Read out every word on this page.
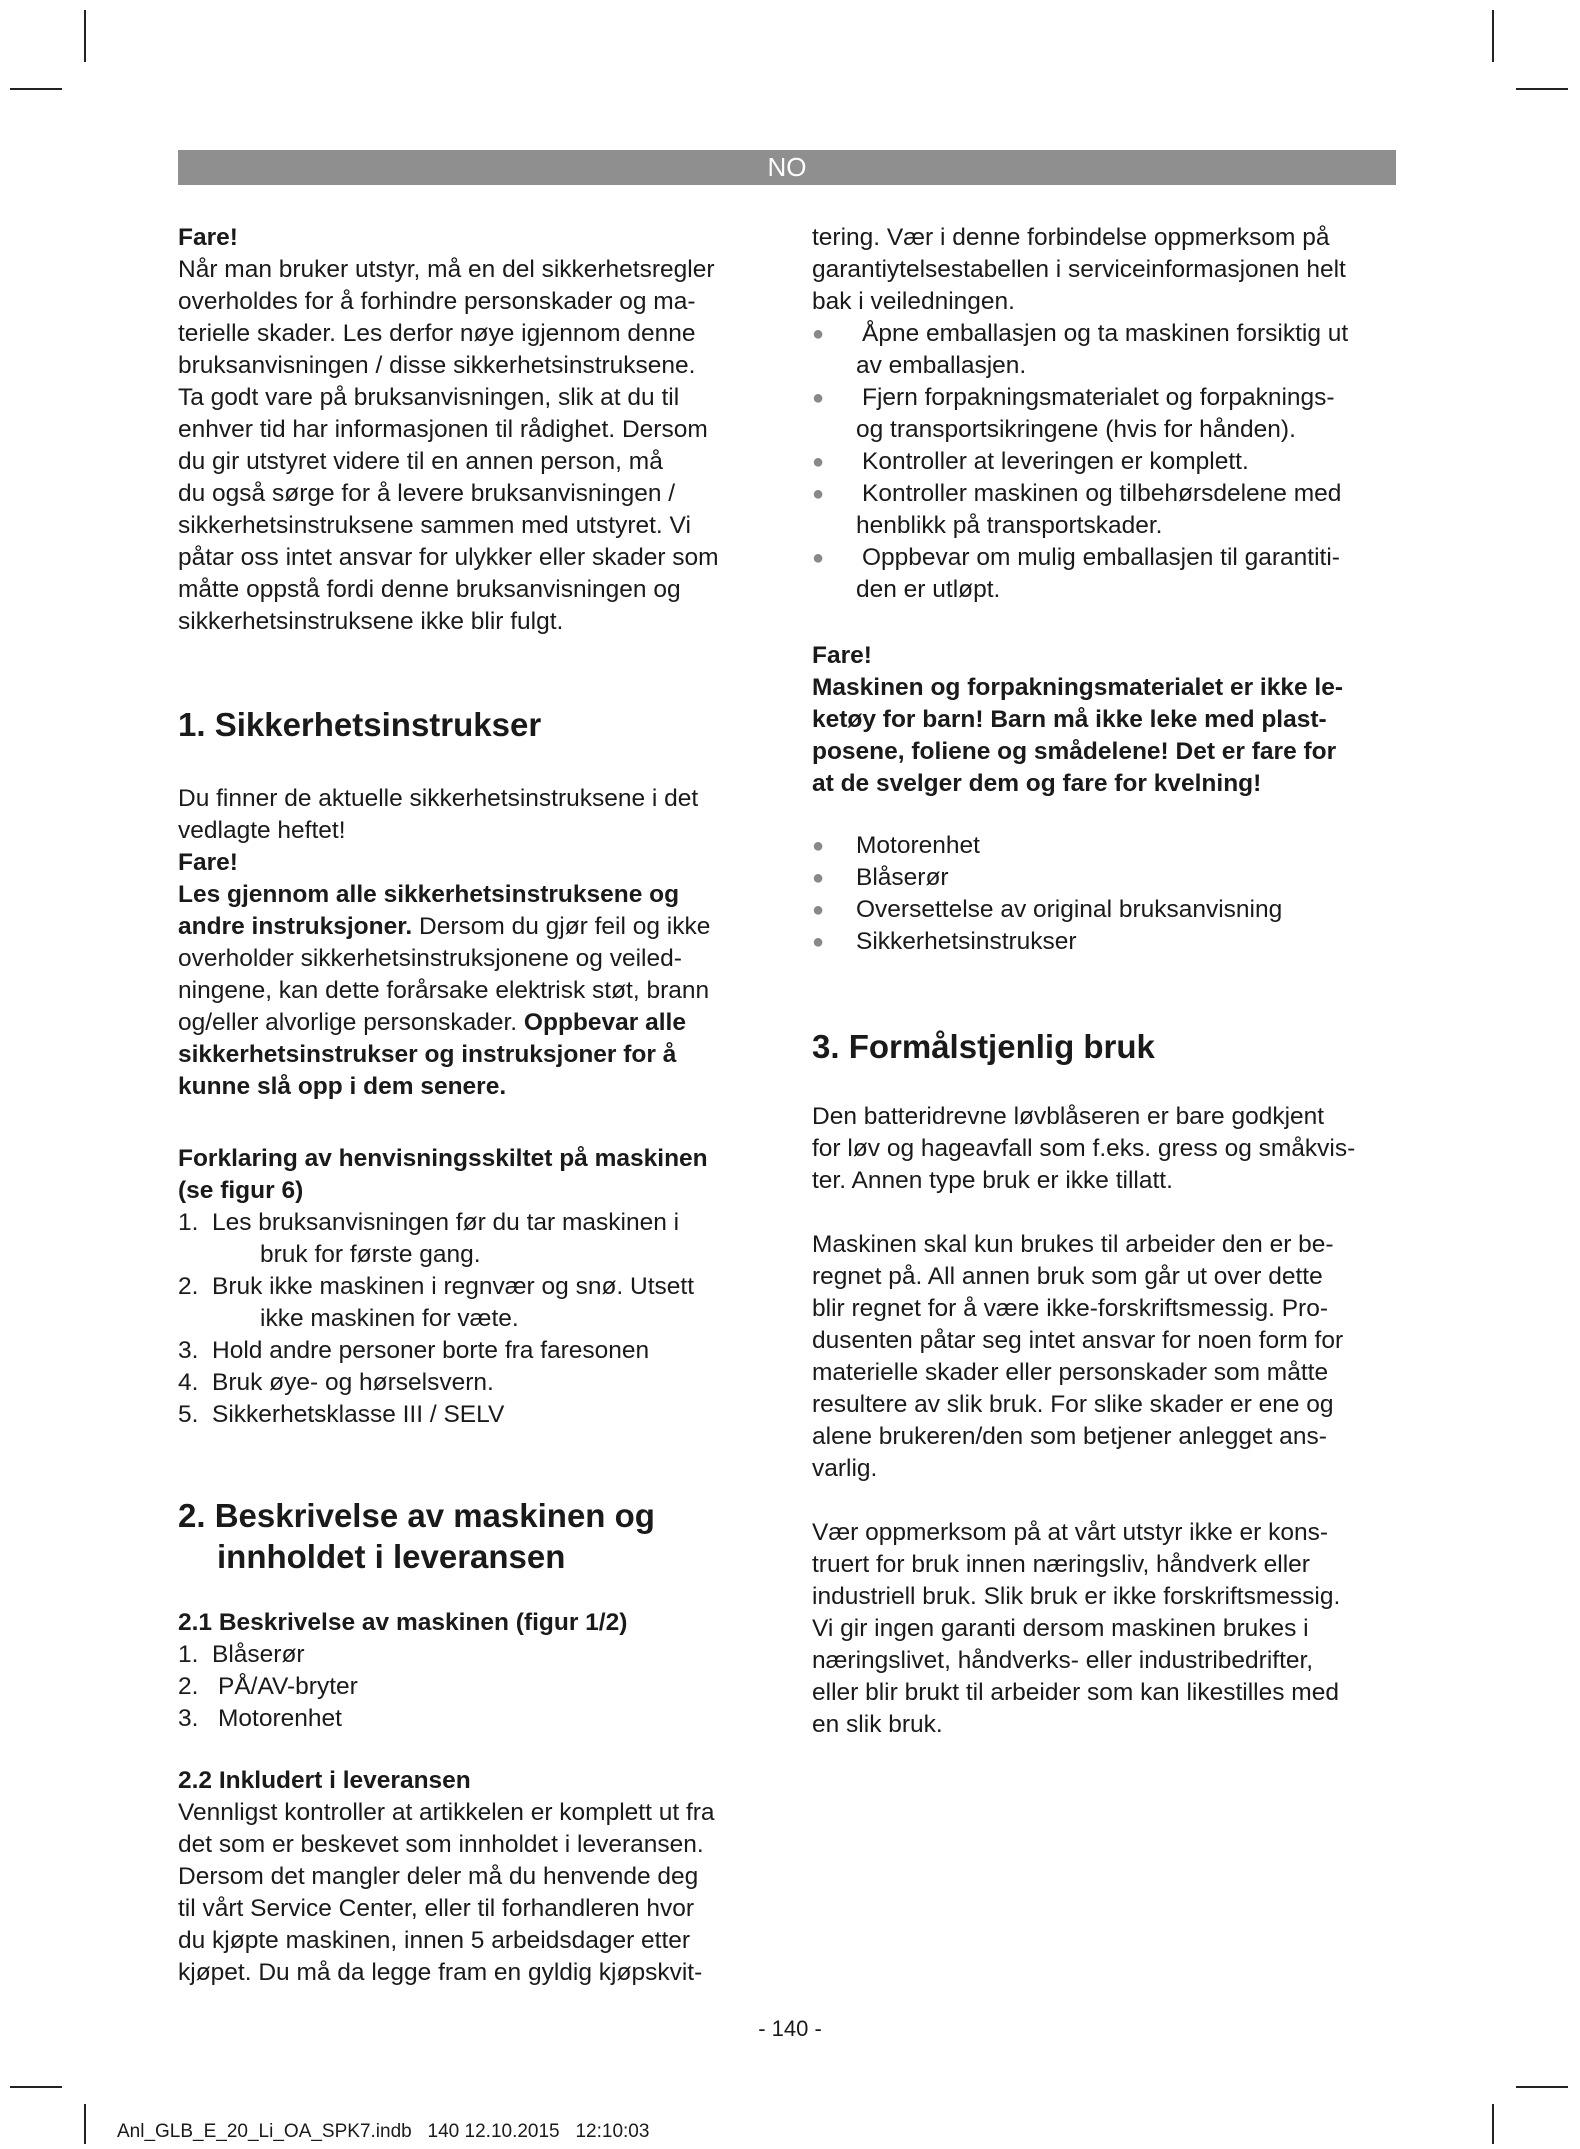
NO

Fare!

Når man bruker utstyr, må en del sikkerhetsregler

overholdes for å forhindre personskader og ma-

terielle skader. Les derfor nøye igjennom denne

bruksanvisningen / disse sikkerhetsinstruksene.

Ta godt vare på bruksanvisningen, slik at du til

enhver tid har informasjonen til rådighet. Dersom

du gir utstyret videre til en annen person, må

du også sørge for å levere bruksanvisningen /

sikkerhetsinstruksene sammen med utstyret. Vi

påtar oss intet ansvar for ulykker eller skader som

måtte oppstå fordi denne bruksanvisningen og

sikkerhetsinstruksene ikke blir fulgt.

1. Sikkerhetsinstrukser

Du finner de aktuelle sikkerhetsinstruksene i det

vedlagte heftet!

Fare!

Les gjennom alle sikkerhetsinstruksene og

andre instruksjoner. Dersom du gjør feil og ikke

overholder sikkerhetsinstruksjonene og veiled-

ningene, kan dette forårsake elektrisk støt, brann

og/eller alvorlige personskader. Oppbevar alle

sikkerhetsinstrukser og instruksjoner for å

kunne slå opp i dem senere.

Forklaring av henvisningsskiltet på maskinen

(se figur 6)

1. Les bruksanvisningen før du tar maskinen i

bruk for første gang.

2. Bruk ikke maskinen i regnvær og snø. Utsett

ikke maskinen for væte.

3. Hold andre personer borte fra faresonen
4. Bruk øye- og hørselsvern.
5. Sikkerhetsklasse III / SELV

2. Beskrivelse av maskinen og

innholdet i leveransen

2.1 Beskrivelse av maskinen (figur 1/2)

1. Blåserør
2. PÅ/AV-bryter
3. Motorenhet

2.2 Inkludert i leveransen

Vennligst kontroller at artikkelen er komplett ut fra

det som er beskevet som innholdet i leveransen.

Dersom det mangler deler må du henvende deg

til vårt Service Center, eller til forhandleren hvor

du kjøpte maskinen, innen 5 arbeidsdager etter

kjøpet. Du må da legge fram en gyldig kjøpskvit-

tering. Vær i denne forbindelse oppmerksom på

garantiytelsestabellen i serviceinformasjonen helt

bak i veiledningen.

●	Åpne emballasjen og ta maskinen forsiktig ut

av emballasjen.

●	Fjern forpakningsmaterialet og forpaknings-

og transportsikringene (hvis for hånden).

●	Kontroller at leveringen er komplett.

●	Kontroller maskinen og tilbehørsdelene med

henblikk på transportskader.

●	Oppbevar om mulig emballasjen til garantiti-

den er utløpt.

Fare!

Maskinen og forpakningsmaterialet er ikke le-

ketøy for barn! Barn må ikke leke med plast-

posene, foliene og smådelene! Det er fare for

at de svelger dem og fare for kvelning!

●	Motorenhet
●	Blåserør
●	Oversettelse av original bruksanvisning
●	Sikkerhetsinstrukser

3. Formålstjenlig bruk

Den batteridrevne løvblåseren er bare godkjent

for løv og hageavfall som f.eks. gress og småkvis-

ter. Annen type bruk er ikke tillatt.

Maskinen skal kun brukes til arbeider den er be-

regnet på. All annen bruk som går ut over dette

blir regnet for å være ikke-forskriftsmessig. Pro-

dusenten påtar seg intet ansvar for noen form for

materielle skader eller personskader som måtte

resultere av slik bruk. For slike skader er ene og

alene brukeren/den som betjener anlegget ans-

varlig.

Vær oppmerksom på at vårt utstyr ikke er kons-

truert for bruk innen næringsliv, håndverk eller

industriell bruk. Slik bruk er ikke forskriftsmessig.

Vi gir ingen garanti dersom maskinen brukes i

næringslivet, håndverks- eller industribedrifter,

eller blir brukt til arbeider som kan likestilles med

en slik bruk.

- 140 -
Anl_GLB_E_20_Li_OA_SPK7.indb   140 12.10.2015   12:10:03
